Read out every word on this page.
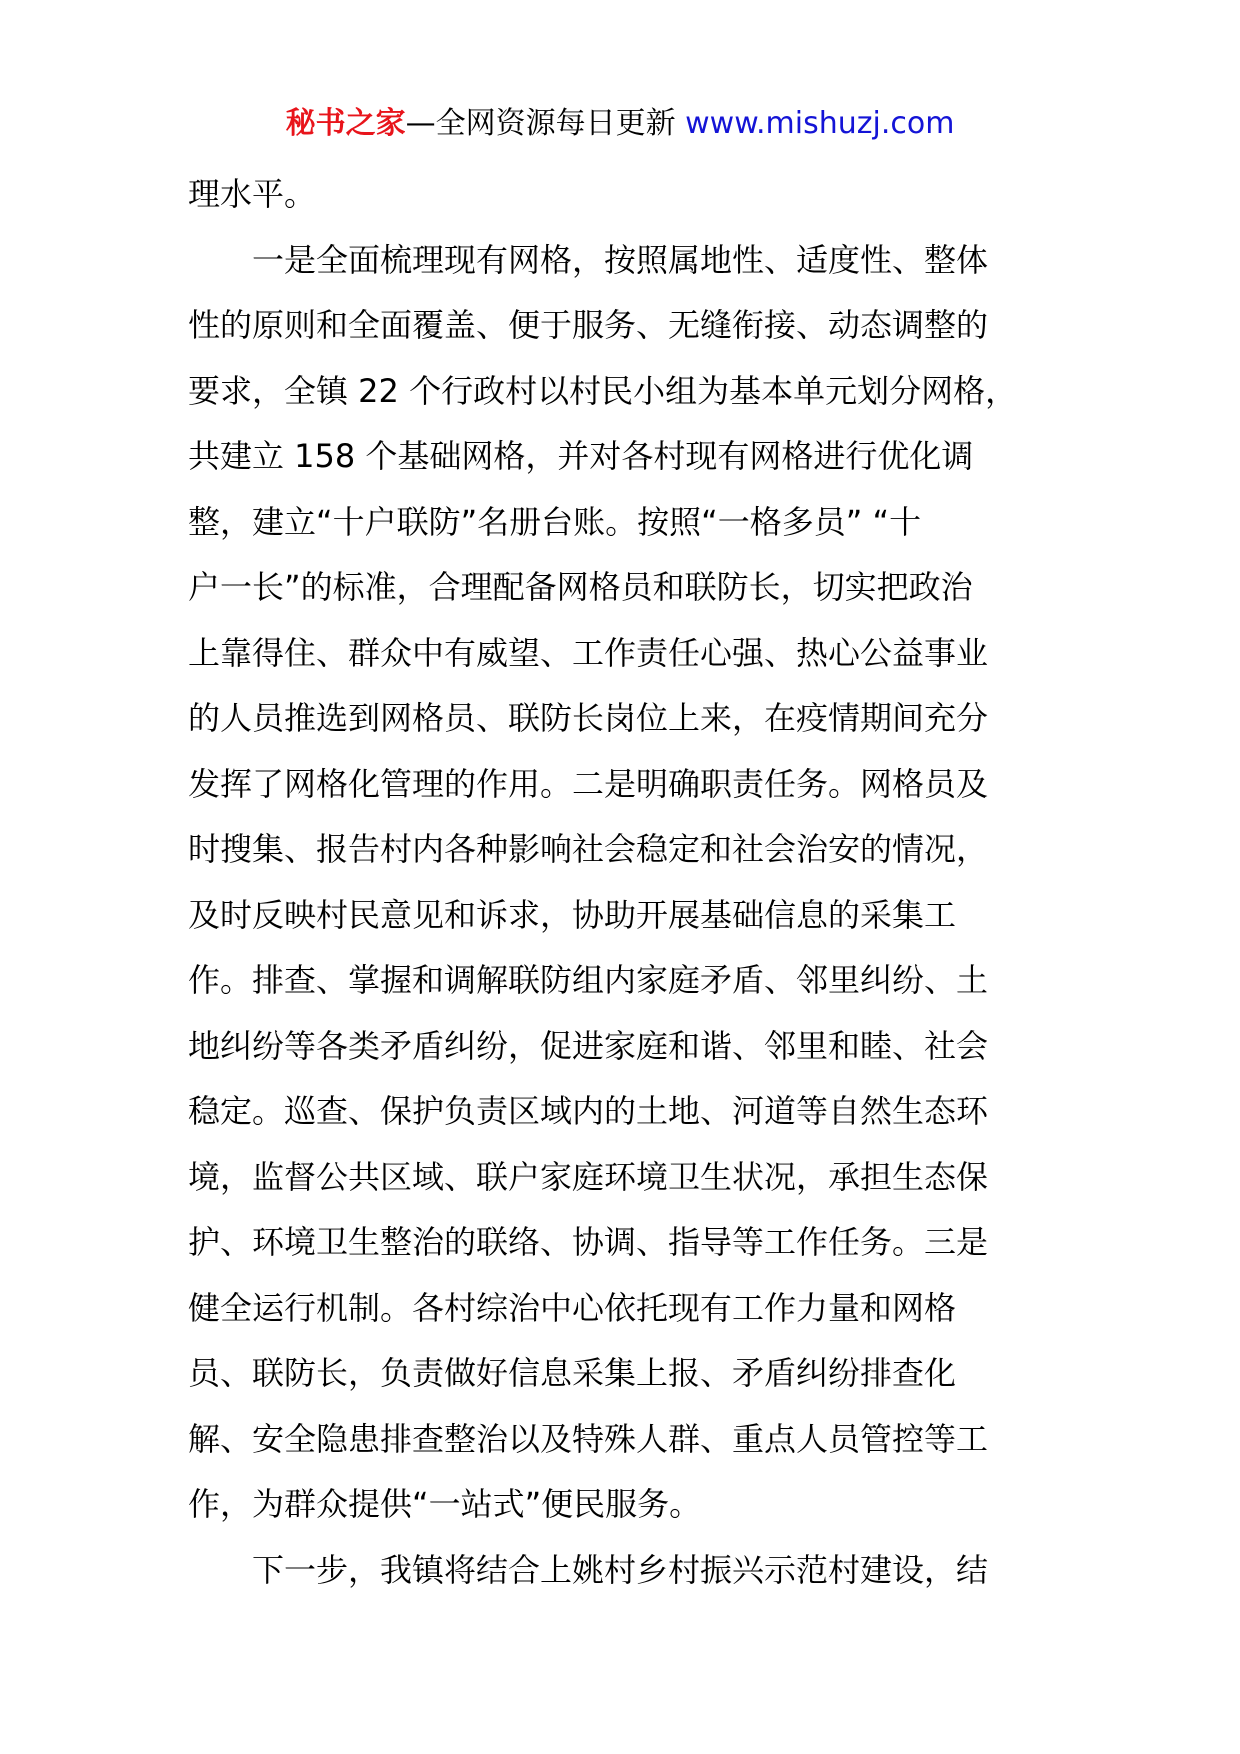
秘书之家—全网资源每日更新 www.mishuzj.com
理水平。
一是全面梳理现有网格，按照属地性、适度性、整体
性的原则和全面覆盖、便于服务、无缝衔接、动态调整的
要求，全镇 22 个行政村以村民小组为基本单元划分网格，
共建立 158 个基础网格，并对各村现有网格进行优化调
整，建立“十户联防”名册台账。按照“一格多员” “十
户一长”的标准，合理配备网格员和联防长，切实把政治
上靠得住、群众中有威望、工作责任心强、热心公益事业
的人员推选到网格员、联防长岗位上来，在疫情期间充分
发挥了网格化管理的作用。二是明确职责任务。网格员及
时搜集、报告村内各种影响社会稳定和社会治安的情况，
及时反映村民意见和诉求，协助开展基础信息的采集工
作。排查、掌握和调解联防组内家庭矛盾、邻里纠纷、土
地纠纷等各类矛盾纠纷，促进家庭和谐、邻里和睦、社会
稳定。巡查、保护负责区域内的土地、河道等自然生态环
境，监督公共区域、联户家庭环境卫生状况，承担生态保
护、环境卫生整治的联络、协调、指导等工作任务。三是
健全运行机制。各村综治中心依托现有工作力量和网格
员、联防长，负责做好信息采集上报、矛盾纠纷排查化
解、安全隐患排查整治以及特殊人群、重点人员管控等工
作，为群众提供“一站式”便民服务。
下一步，我镇将结合上姚村乡村振兴示范村建设，结
